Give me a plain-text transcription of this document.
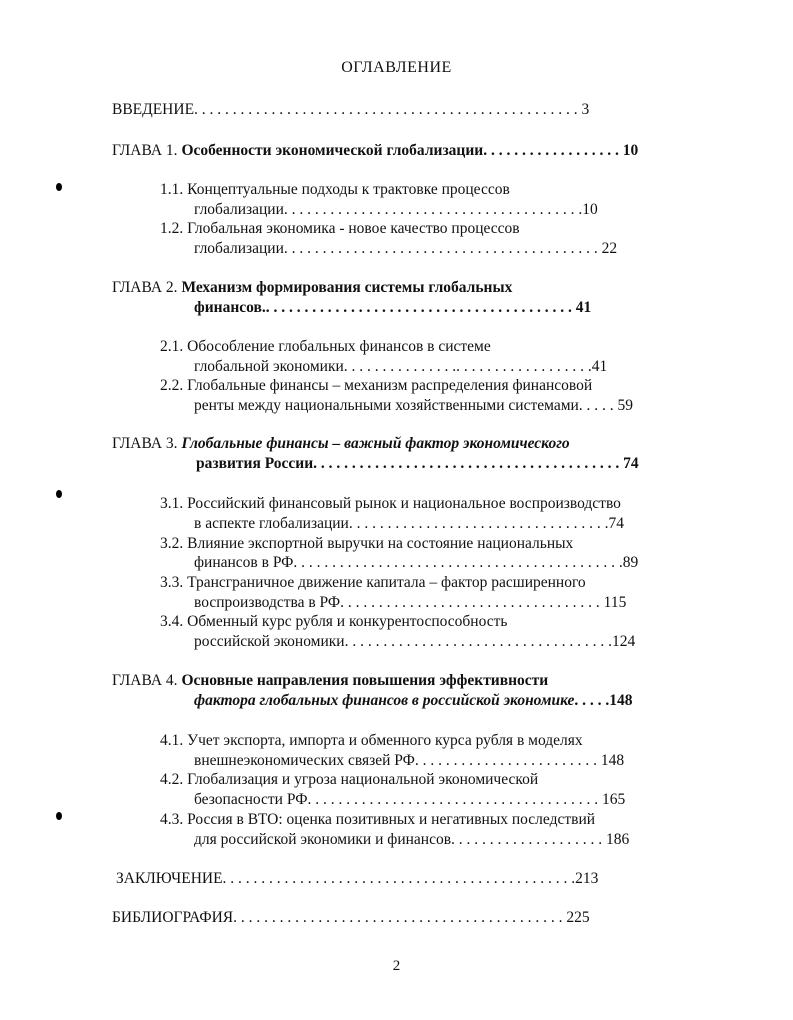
ОГЛАВЛЕНИЕ
ВВЕДЕНИЕ. . . . . . . . . . . . . . . . . . . . . . . . . . . . . . . . . . . . . . . . . . . . . . . . . . 3
ГЛАВА 1. Особенности экономической глобализации. . . . . . . . . . . . . . . . . . 10
1.1. Концептуальные подходы к трактовке процессов
глобализации. . . . . . . . . . . . . . . . . . . . . . . . . . . . . . . . . . . . . . .10
1.2. Глобальная экономика - новое качество процессов
глобализации. . . . . . . . . . . . . . . . . . . . . . . . . . . . . . . . . . . . . . . . . 22
ГЛАВА 2. Механизм формирования системы глобальных
финансов.. . . . . . . . . . . . . . . . . . . . . . . . . . . . . . . . . . . . . . . . 41
2.1. Обособление глобальных финансов в системе
глобальной экономики. . . . . . . . . . . . . . .. . . . . . . . . . . . . . . . . .41
2.2. Глобальные финансы – механизм распределения финансовой
ренты между национальными хозяйственными системами. . . . . 59
ГЛАВА 3. Глобальные финансы – важный фактор экономического
развития России. . . . . . . . . . . . . . . . . . . . . . . . . . . . . . . . . . . . . . . . 74
3.1. Российский финансовый рынок и национальное воспроизводство
в аспекте глобализации. . . . . . . . . . . . . . . . . . . . . . . . . . . . . . . . . .74
3.2. Влияние экспортной выручки на состояние национальных
финансов в РФ. . . . . . . . . . . . . . . . . . . . . . . . . . . . . . . . . . . . . . . . . . .89
3.3. Трансграничное движение капитала – фактор расширенного
воспроизводства в РФ. . . . . . . . . . . . . . . . . . . . . . . . . . . . . . . . . . 115
3.4. Обменный курс рубля и конкурентоспособность
российской экономики. . . . . . . . . . . . . . . . . . . . . . . . . . . . . . . . . . .124
ГЛАВА 4. Основные направления повышения эффективности
фактора глобальных финансов в российской экономике. . . . .148
4.1. Учет экспорта, импорта и обменного курса рубля в моделях
внешнеэкономических связей РФ. . . . . . . . . . . . . . . . . . . . . . . . 148
4.2. Глобализация и угроза национальной экономической
безопасности РФ. . . . . . . . . . . . . . . . . . . . . . . . . . . . . . . . . . . . . . 165
4.3. Россия в ВТО: оценка позитивных и негативных последствий
для российской экономики и финансов. . . . . . . . . . . . . . . . . . . . 186
ЗАКЛЮЧЕНИЕ. . . . . . . . . . . . . . . . . . . . . . . . . . . . . . . . . . . . . . . . . . . . . .213
БИБЛИОГРАФИЯ. . . . . . . . . . . . . . . . . . . . . . . . . . . . . . . . . . . . . . . . . . . 225
2
